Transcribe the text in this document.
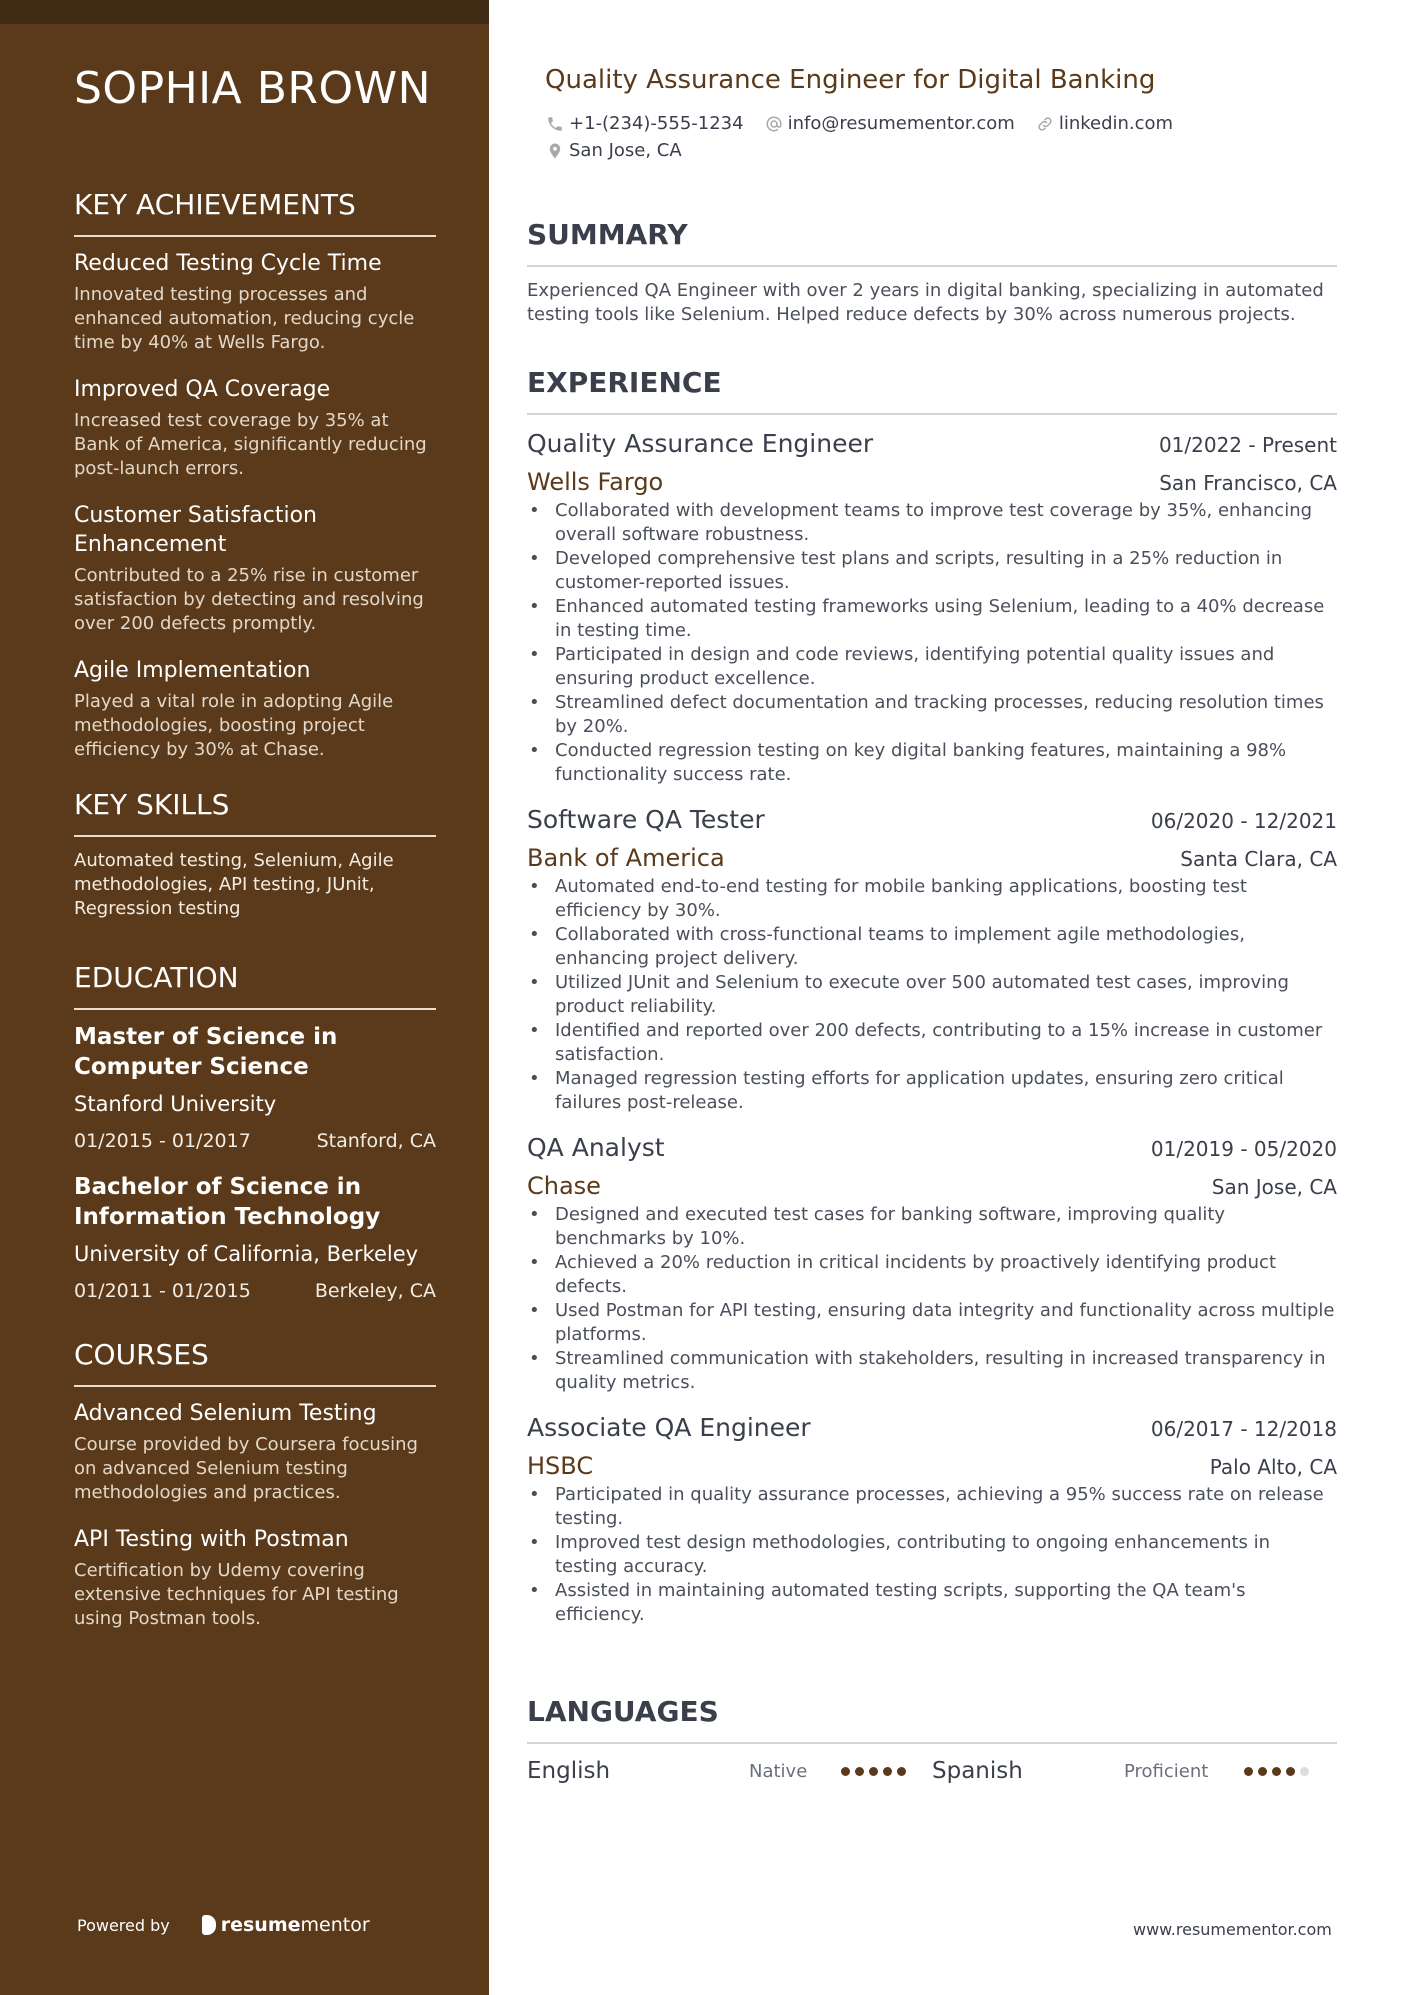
SOPHIA BROWN
KEY ACHIEVEMENTS
Reduced Testing Cycle Time
Innovated testing processes and enhanced automation, reducing cycle time by 40% at Wells Fargo.
Improved QA Coverage
Increased test coverage by 35% at Bank of America, significantly reducing post-launch errors.
Customer Satisfaction Enhancement
Contributed to a 25% rise in customer satisfaction by detecting and resolving over 200 defects promptly.
Agile Implementation
Played a vital role in adopting Agile methodologies, boosting project efficiency by 30% at Chase.
KEY SKILLS
Automated testing, Selenium, Agile methodologies, API testing, JUnit, Regression testing
EDUCATION
Master of Science in Computer Science
Stanford University
01/2015 - 01/2017	Stanford, CA
Bachelor of Science in Information Technology
University of California, Berkeley
01/2011 - 01/2015	Berkeley, CA
COURSES
Advanced Selenium Testing
Course provided by Coursera focusing on advanced Selenium testing methodologies and practices.
API Testing with Postman
Certification by Udemy covering extensive techniques for API testing using Postman tools.
Powered by	resume mentor
Quality Assurance Engineer for Digital Banking
+1-(234)-555-1234 info@resumementor.com linkedin.com
San Jose, CA
SUMMARY

Experienced QA Engineer with over 2 years in digital banking, specializing in automated testing tools like Selenium. Helped reduce defects by 30% across numerous projects.

EXPERIENCE
Quality Assurance Engineer	01/2022 - Present
Wells Fargo	San Francisco, CA
• Collaborated with development teams to improve test coverage by 35%, enhancing overall software robustness.
• Developed comprehensive test plans and scripts, resulting in a 25% reduction in customer-reported issues.
• Enhanced automated testing frameworks using Selenium, leading to a 40% decrease in testing time.
• Participated in design and code reviews, identifying potential quality issues and ensuring product excellence.
• Streamlined defect documentation and tracking processes, reducing resolution times by 20%.
• Conducted regression testing on key digital banking features, maintaining a 98% functionality success rate.
Software QA Tester	06/2020 - 12/2021
Bank of America	Santa Clara, CA
• Automated end-to-end testing for mobile banking applications, boosting test efficiency by 30%.
• Collaborated with cross-functional teams to implement agile methodologies, enhancing project delivery.
• Utilized JUnit and Selenium to execute over 500 automated test cases, improving product reliability.
• Identified and reported over 200 defects, contributing to a 15% increase in customer satisfaction.
• Managed regression testing efforts for application updates, ensuring zero critical failures post-release.
QA Analyst	01/2019 - 05/2020
Chase	San Jose, CA
• Designed and executed test cases for banking software, improving quality benchmarks by 10%.
• Achieved a 20% reduction in critical incidents by proactively identifying product defects.
• Used Postman for API testing, ensuring data integrity and functionality across multiple platforms.
• Streamlined communication with stakeholders, resulting in increased transparency in quality metrics.
Associate QA Engineer	06/2017 - 12/2018
HSBC	Palo Alto, CA
• Participated in quality assurance processes, achieving a 95% success rate on release testing.
• Improved test design methodologies, contributing to ongoing enhancements in testing accuracy.
• Assisted in maintaining automated testing scripts, supporting the QA team's efficiency.
LANGUAGES
English	Native	Spanish	Proficient
www.resumementor.com
